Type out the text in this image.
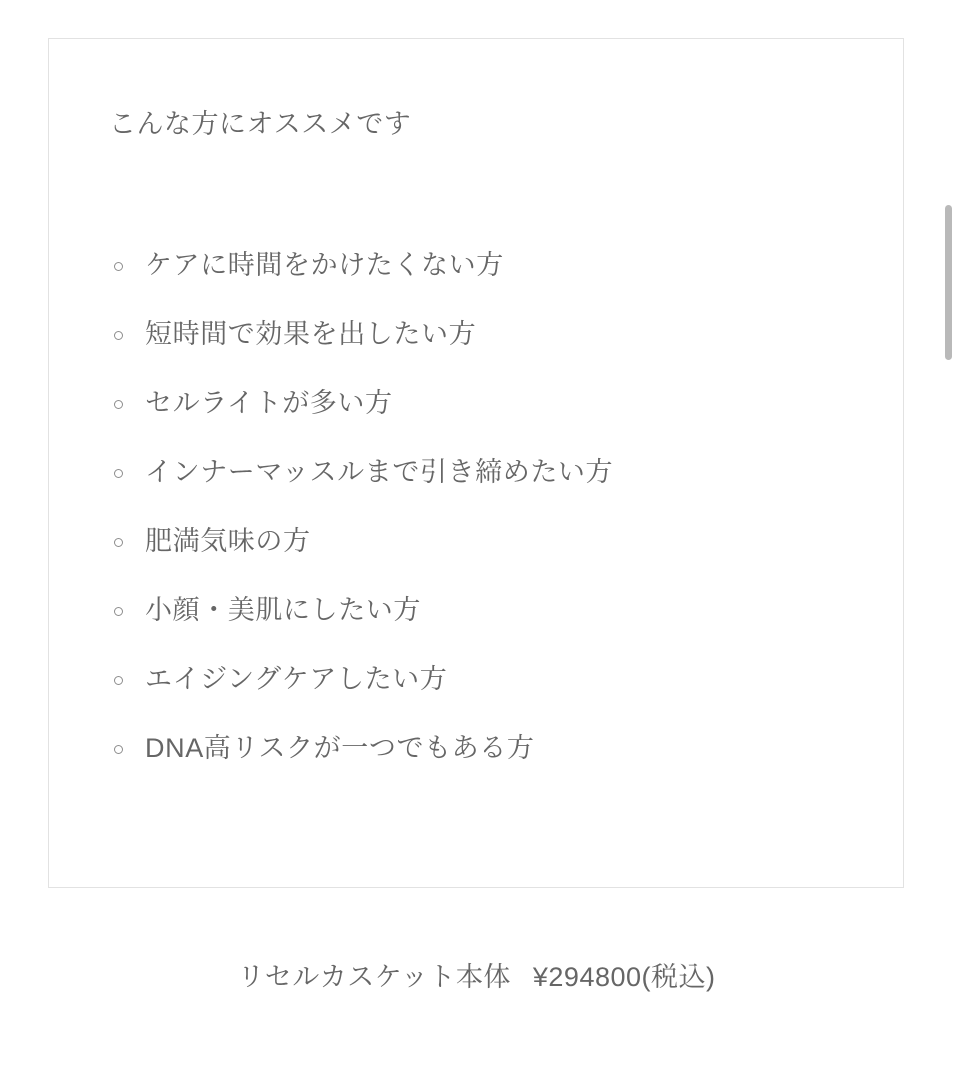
こんな方にオススメです
ケアに時間をかけたくない方
短時間で効果を出したい方
セルライトが多い方
インナーマッスルまで引き締めたい方
肥満気味の方
小顔・美肌にしたい方
エイジングケアしたい方
DNA高リスクが一つでもある方
リセルカスケット本体 ¥294800(税込)
